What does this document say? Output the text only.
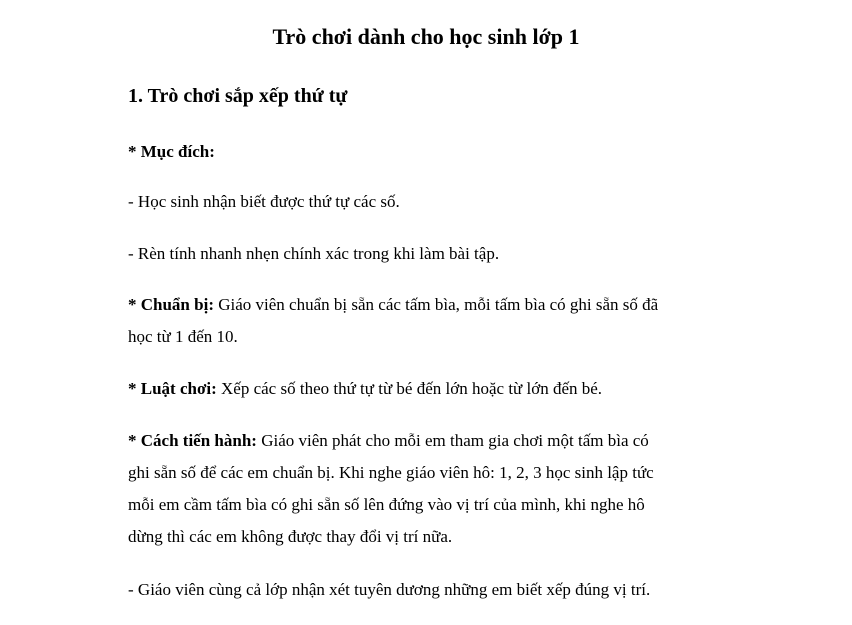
Trò chơi dành cho học sinh lớp 1
1. Trò chơi sắp xếp thứ tự

* Mục đích:

- Học sinh nhận biết được thứ tự các số.

- Rèn tính nhanh nhẹn chính xác trong khi làm bài tập.

* Chuẩn bị: Giáo viên chuẩn bị sẵn các tấm bìa, mỗi tấm bìa có ghi sẵn số đã
học từ 1 đến 10.

* Luật chơi: Xếp các số theo thứ tự từ bé đến lớn hoặc từ lớn đến bé.

* Cách tiến hành: Giáo viên phát cho mỗi em tham gia chơi một tấm bìa có
ghi sẵn số để các em chuẩn bị. Khi nghe giáo viên hô: 1, 2, 3 học sinh lập tức
mỗi em cầm tấm bìa có ghi sẵn số lên đứng vào vị trí của mình, khi nghe hô
dừng thì các em không được thay đổi vị trí nữa.

- Giáo viên cùng cả lớp nhận xét tuyên dương những em biết xếp đúng vị trí.
